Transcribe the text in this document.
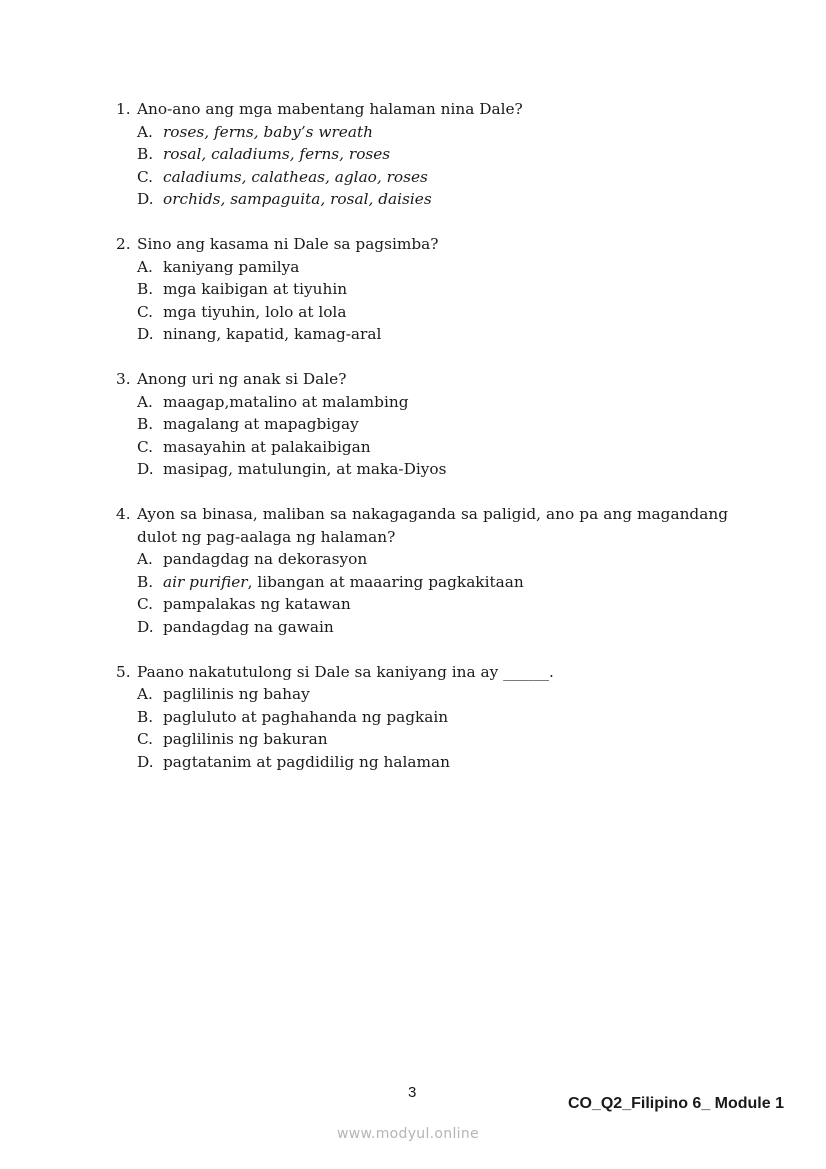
1. Ano-ano ang mga mabentang halaman nina Dale?
A. roses, ferns, baby’s wreath
B. rosal, caladiums, ferns, roses
C. caladiums, calatheas, aglao, roses
D. orchids, sampaguita, rosal, daisies
2. Sino ang kasama ni Dale sa pagsimba?
A. kaniyang pamilya
B. mga kaibigan at tiyuhin
C. mga tiyuhin, lolo at lola
D. ninang, kapatid, kamag-aral
3. Anong uri ng anak si Dale?
A. maagap,matalino at malambing
B. magalang at mapagbigay
C. masayahin at palakaibigan
D. masipag, matulungin, at maka-Diyos
4. Ayon sa binasa, maliban sa nakagaganda sa paligid, ano pa ang magandang dulot ng pag-aalaga ng halaman?
A. pandagdag na dekorasyon
B. air purifier, libangan at maaaring pagkakitaan
C. pampalakas ng katawan
D. pandagdag na gawain
5. Paano nakatutulong si Dale sa kaniyang ina ay ______.
A. paglilinis ng bahay
B. pagluluto at paghahanda ng pagkain
C. paglilinis ng bakuran
D. pagtatanim at pagdidilig ng halaman
3
CO_Q2_Filipino 6_ Module 1
www.modyul.online
